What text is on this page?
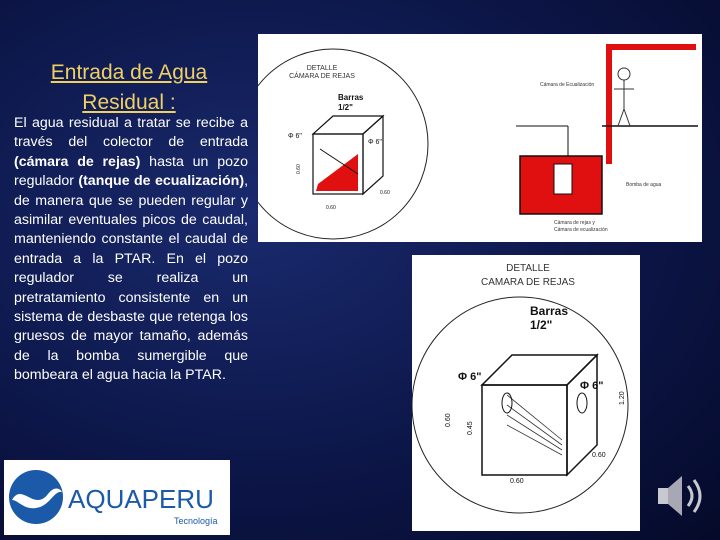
Entrada de Agua Residual :
El agua residual a tratar se recibe a través del colector de entrada (cámara de rejas) hasta un pozo regulador (tanque de ecualización), de manera que se pueden regular y asimilar eventuales picos de caudal, manteniendo constante el caudal de entrada a la PTAR. En el pozo regulador se realiza un pretratamiento consistente en un sistema de desbaste que retenga los gruesos de mayor tamaño, además de la bomba sumergible que bombeara el agua hacia la PTAR.
DETALLE
CÁMARA DE REJAS
Barras
1/2"
Φ 6"
Φ 6"
0.60
0.60
0.60
Cámara de Ecualización
Bomba de agua
Cámara de rejas y
Cámara de ecualización
DETALLE
CAMARA DE REJAS
Barras
1/2"
Φ 6"
Φ 6"
0.60
0.45
1.20
0.60
0.60
AQUAPERU
Tecnología
